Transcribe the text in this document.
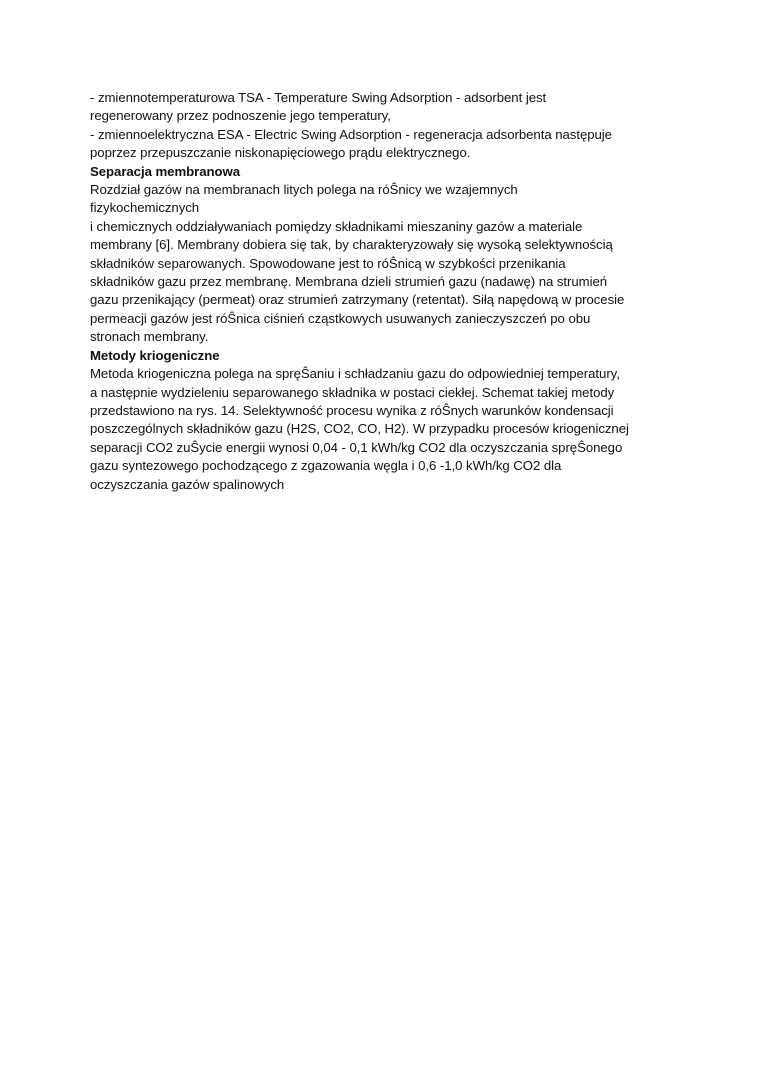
- zmiennotemperaturowa TSA - Temperature Swing Adsorption - adsorbent jest
regenerowany przez podnoszenie jego temperatury,
- zmiennoelektryczna ESA - Electric Swing Adsorption - regeneracja adsorbenta następuje
poprzez przepuszczanie niskonapięciowego prądu elektrycznego.
Separacja membranowa
Rozdział gazów na membranach litych polega na róŜnicy we wzajemnych
fizykochemicznych
i chemicznych oddziaływaniach pomiędzy składnikami mieszaniny gazów a materiale
membrany [6]. Membrany dobiera się tak, by charakteryzowały się wysoką selektywnością
składników separowanych. Spowodowane jest to róŜnicą w szybkości przenikania
składników gazu przez membranę. Membrana dzieli strumień gazu (nadawę) na strumień
gazu przenikający (permeat) oraz strumień zatrzymany (retentat). Siłą napędową w procesie
permeacji gazów jest róŜnica ciśnień cząstkowych usuwanych zanieczyszczeń po obu
stronach membrany.
Metody kriogeniczne
Metoda kriogeniczna polega na spręŜaniu i schładzaniu gazu do odpowiedniej temperatury,
a następnie wydzieleniu separowanego składnika w postaci ciekłej. Schemat takiej metody
przedstawiono na rys. 14. Selektywność procesu wynika z róŜnych warunków kondensacji
poszczególnych składników gazu (H2S, CO2, CO, H2). W przypadku procesów kriogenicznej
separacji CO2 zuŜycie energii wynosi 0,04 - 0,1 kWh/kg CO2 dla oczyszczania spręŜonego
gazu syntezowego pochodzącego z zgazowania węgla i 0,6 -1,0 kWh/kg CO2 dla
oczyszczania gazów spalinowych
